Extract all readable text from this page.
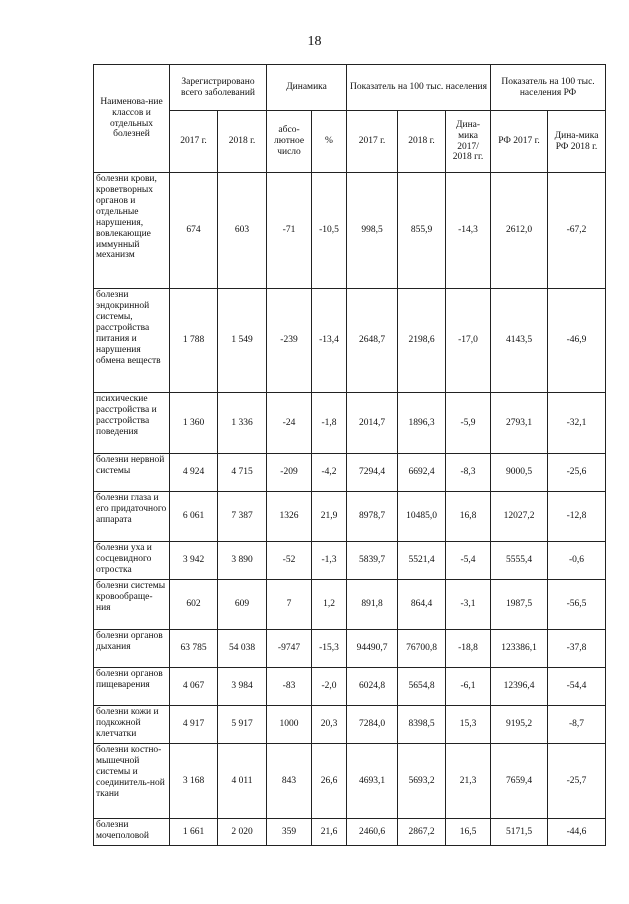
18
Наименова-ние классов и отдельных болезней	Зарегистрировано всего заболеваний		Динамика		Показатель на 100 тыс. населения			Показатель на 100 тыс. населения РФ	
	2017 г.	2018 г.	абсо-лютное число	%	2017 г.	2018 г.	Дина-мика 2017/ 2018 гг.	РФ 2017 г.	Дина-мика РФ 2018 г.
болезни крови, кроветворных органов и отдельные нарушения, вовлекающие иммунный механизм	674	603	-71	-10,5	998,5	855,9	-14,3	2612,0	-67,2
болезни эндокринной системы, расстройства питания и нарушения обмена веществ	1 788	1 549	-239	-13,4	2648,7	2198,6	-17,0	4143,5	-46,9
психические расстройства и расстройства поведения	1 360	1 336	-24	-1,8	2014,7	1896,3	-5,9	2793,1	-32,1
болезни нервной системы	4 924	4 715	-209	-4,2	7294,4	6692,4	-8,3	9000,5	-25,6
болезни глаза и его придаточного аппарата	6 061	7 387	1326	21,9	8978,7	10485,0	16,8	12027,2	-12,8
болезни уха и сосцевидного отростка	3 942	3 890	-52	-1,3	5839,7	5521,4	-5,4	5555,4	-0,6
болезни системы кровообраще-ния	602	609	7	1,2	891,8	864,4	-3,1	1987,5	-56,5
болезни органов дыхания	63 785	54 038	-9747	-15,3	94490,7	76700,8	-18,8	123386,1	-37,8
болезни органов пищеварения	4 067	3 984	-83	-2,0	6024,8	5654,8	-6,1	12396,4	-54,4
болезни кожи и подкожной клетчатки	4 917	5 917	1000	20,3	7284,0	8398,5	15,3	9195,2	-8,7
болезни костно-мышечной системы и соединитель-ной ткани	3 168	4 011	843	26,6	4693,1	5693,2	21,3	7659,4	-25,7
болезни мочеполовой	1 661	2 020	359	21,6	2460,6	2867,2	16,5	5171,5	-44,6
